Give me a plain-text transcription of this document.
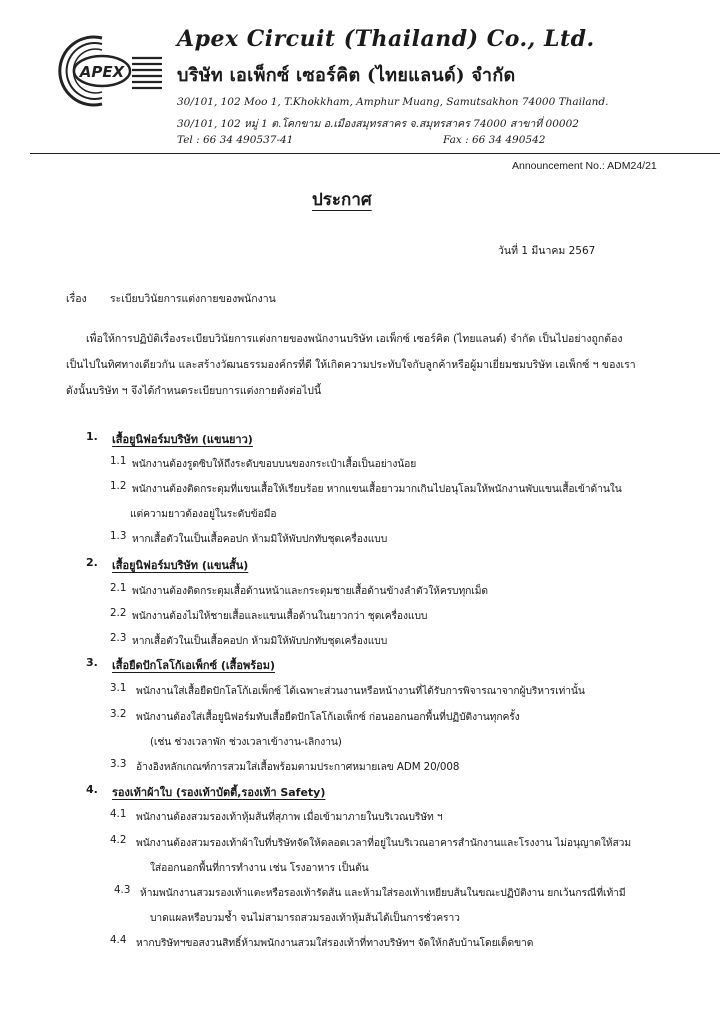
APEX
Apex Circuit (Thailand) Co., Ltd.
บริษัท เอเพ็กซ์ เซอร์คิต (ไทยแลนด์) จำกัด
30/101, 102 Moo 1, T.Khokkham, Amphur Muang, Samutsakhon 74000 Thailand.
30/101, 102 หมู่ 1 ต.โคกขาม อ.เมืองสมุทรสาคร จ.สมุทรสาคร 74000 สาขาที่ 00002
Tel : 66 34 490537-41	Fax : 66 34 490542
Announcement No.: ADM24/21
ประกาศ
วันที่ 1 มีนาคม 2567
เรื่อง ระเบียบวินัยการแต่งกายของพนักงาน
เพื่อให้การปฏิบัติเรื่องระเบียบวินัยการแต่งกายของพนักงานบริษัท เอเพ็กซ์ เซอร์คิต (ไทยแลนด์) จำกัด เป็นไปอย่างถูกต้อง
เป็นไปในทิศทางเดียวกัน และสร้างวัฒนธรรมองค์กรที่ดี ให้เกิดความประทับใจกับลูกค้าหรือผู้มาเยี่ยมชมบริษัท เอเพ็กซ์ ฯ ของเรา
ดังนั้นบริษัท ฯ จึงได้กำหนดระเบียบการแต่งกายดังต่อไปนี้
1. เสื้อยูนิฟอร์มบริษัท (แขนยาว)
1.1 พนักงานต้องรูดซิบให้ถึงระดับขอบบนของกระเป๋าเสื้อเป็นอย่างน้อย
1.2 พนักงานต้องติดกระดุมที่แขนเสื้อให้เรียบร้อย หากแขนเสื้อยาวมากเกินไปอนุโลมให้พนักงานพับแขนเสื้อเข้าด้านใน
แต่ความยาวต้องอยู่ในระดับข้อมือ
1.3 หากเสื้อตัวในเป็นเสื้อคอปก ห้ามมิให้พับปกทับชุดเครื่องแบบ
2. เสื้อยูนิฟอร์มบริษัท (แขนสั้น)
2.1 พนักงานต้องติดกระดุมเสื้อด้านหน้าและกระดุมชายเสื้อด้านข้างลำตัวให้ครบทุกเม็ด
2.2 พนักงานต้องไม่ให้ชายเสื้อและแขนเสื้อด้านในยาวกว่า ชุดเครื่องแบบ
2.3 หากเสื้อตัวในเป็นเสื้อคอปก ห้ามมิให้พับปกทับชุดเครื่องแบบ
3. เสื้อยืดปักโลโก้เอเพ็กซ์ (เสื้อพร้อม)
3.1 พนักงานใส่เสื้อยืดปักโลโก้เอเพ็กซ์ ได้เฉพาะส่วนงานหรือหน้างานที่ได้รับการพิจารณาจากผู้บริหารเท่านั้น
3.2 พนักงานต้องใส่เสื้อยูนิฟอร์มทับเสื้อยืดปักโลโก้เอเพ็กซ์ ก่อนออกนอกพื้นที่ปฏิบัติงานทุกครั้ง
(เช่น ช่วงเวลาพัก ช่วงเวลาเข้างาน-เลิกงาน)
3.3 อ้างอิงหลักเกณฑ์การสวมใส่เสื้อพร้อมตามประกาศหมายเลข ADM 20/008
4. รองเท้าผ้าใบ (รองเท้าบัตตี้,รองเท้า Safety)
4.1 พนักงานต้องสวมรองเท้าหุ้มส้นที่สุภาพ เมื่อเข้ามาภายในบริเวณบริษัท ฯ
4.2 พนักงานต้องสวมรองเท้าผ้าใบที่บริษัทจัดให้ตลอดเวลาที่อยู่ในบริเวณอาคารสำนักงานและโรงงาน ไม่อนุญาตให้สวม
ใส่ออกนอกพื้นที่การทำงาน เช่น โรงอาหาร เป็นต้น
4.3 ห้ามพนักงานสวมรองเท้าแตะหรือรองเท้ารัดส้น และห้ามใส่รองเท้าเหยียบส้นในขณะปฏิบัติงาน ยกเว้นกรณีที่เท้ามี
บาดแผลหรือบวมช้ำ จนไม่สามารถสวมรองเท้าหุ้มส้นได้เป็นการชั่วคราว
4.4 หากบริษัทฯขอสงวนสิทธิ์ห้ามพนักงานสวมใส่รองเท้าที่ทางบริษัทฯ จัดให้กลับบ้านโดยเด็ดขาด
